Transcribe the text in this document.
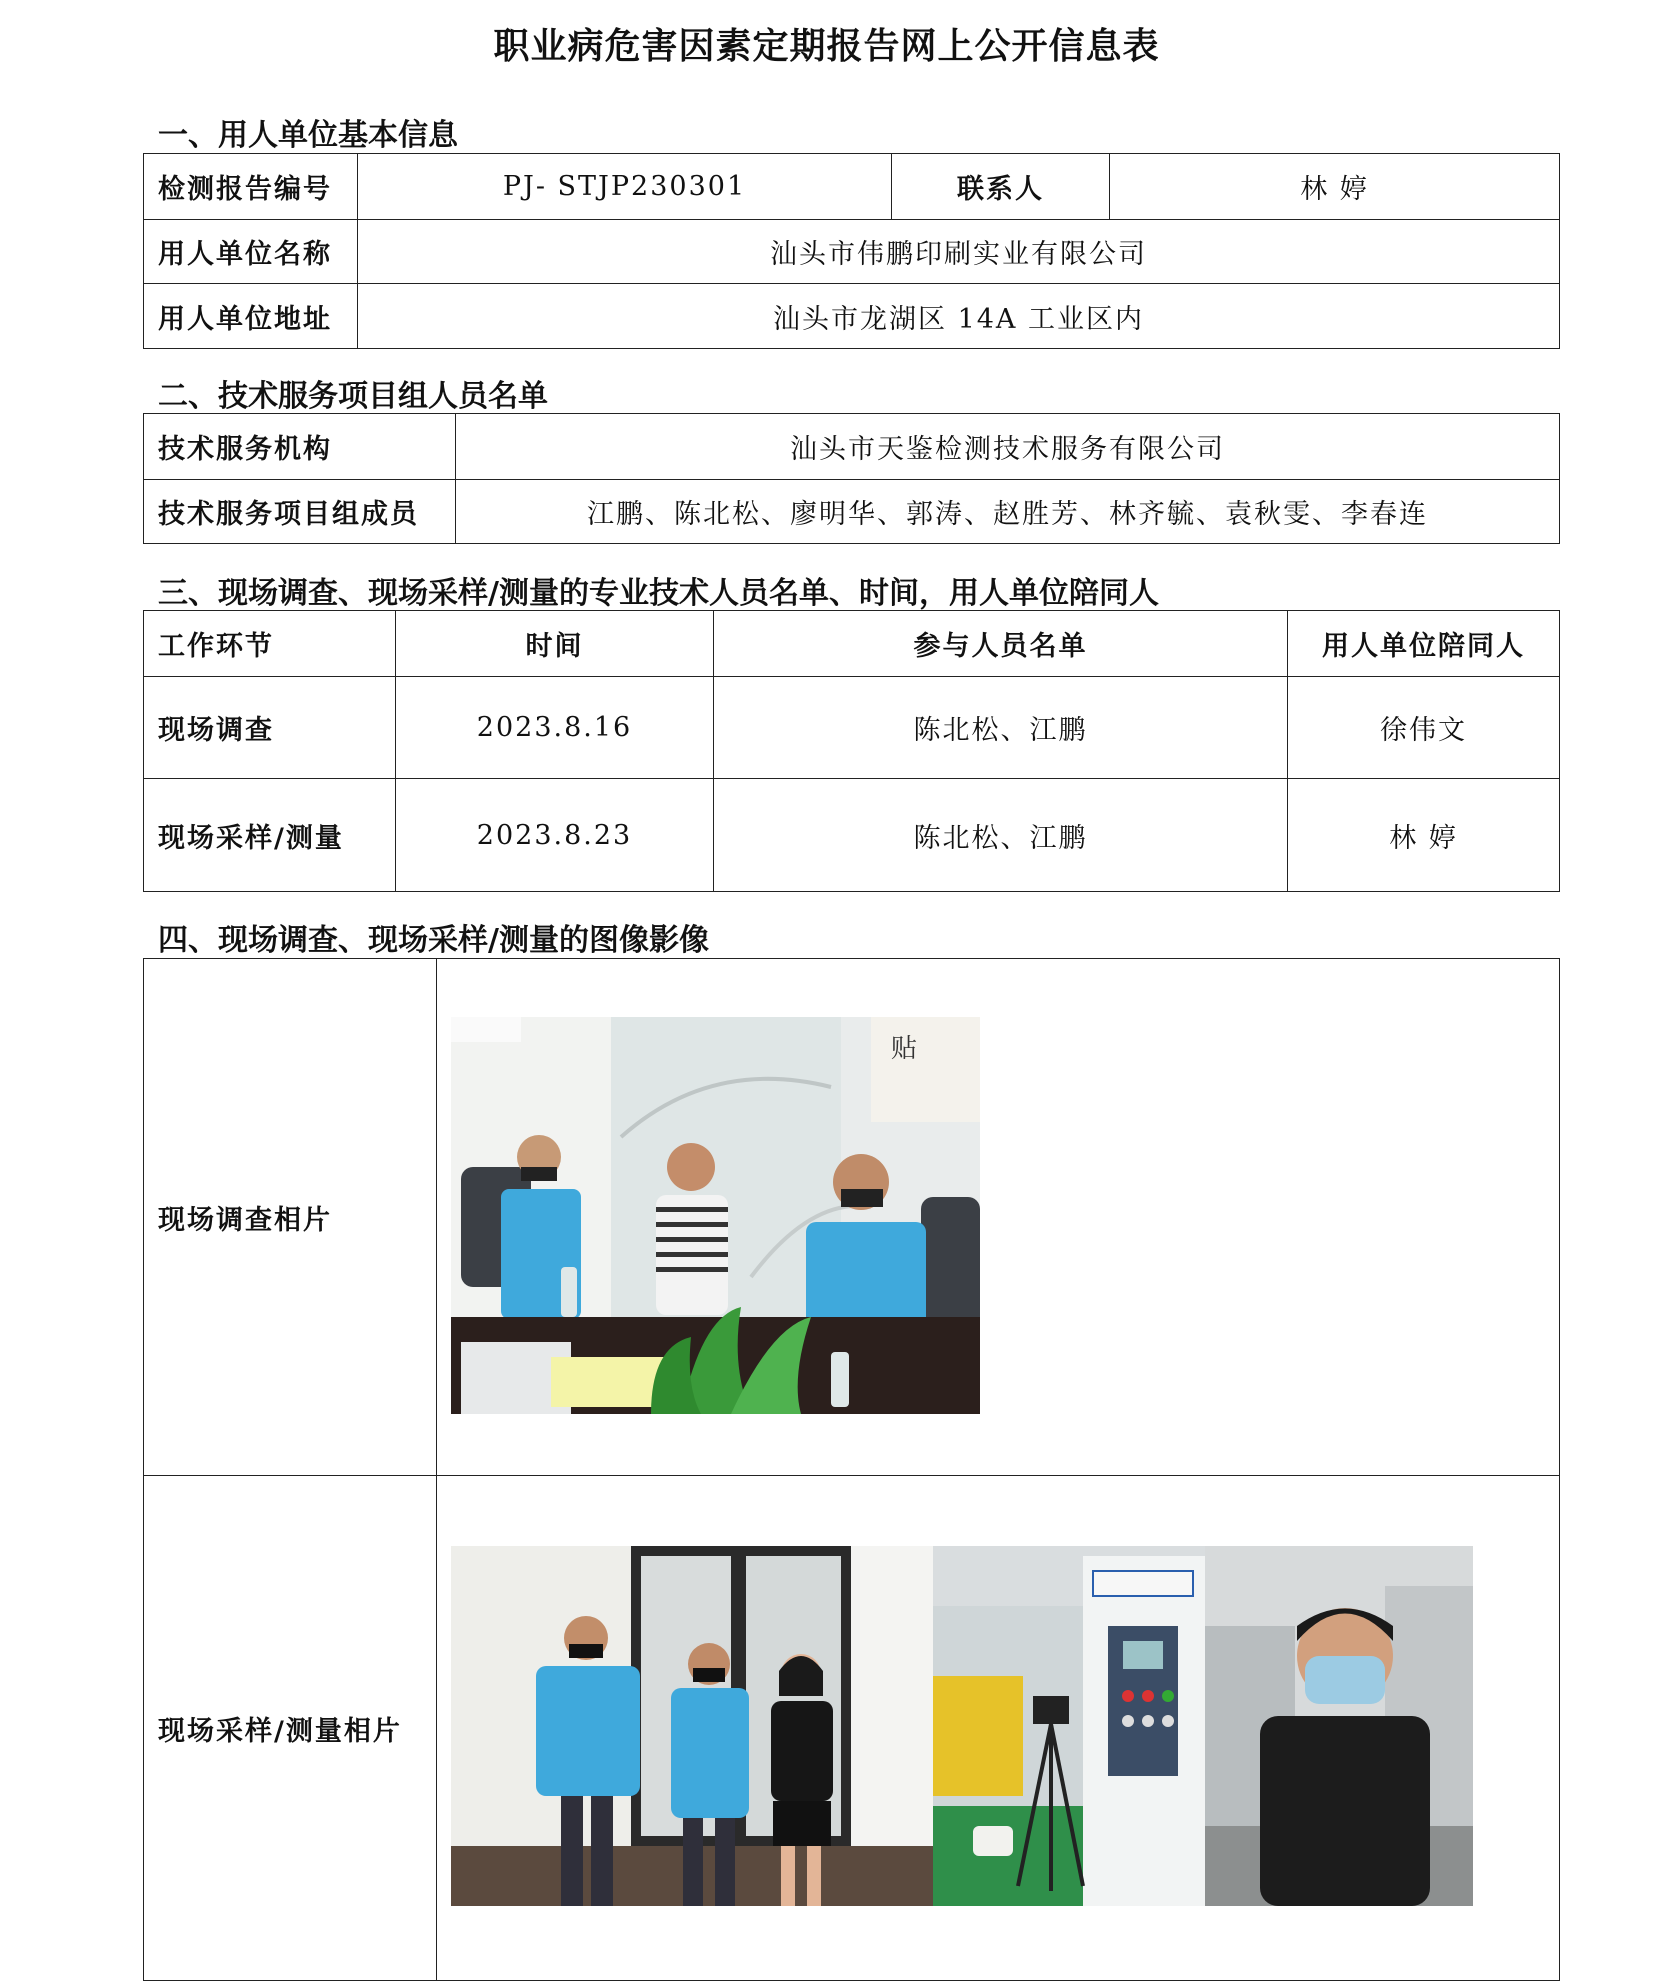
职业病危害因素定期报告网上公开信息表
一、用人单位基本信息
检测报告编号	PJ- STJP230301	联系人	林 婷
用人单位名称	汕头市伟鹏印刷实业有限公司		
用人单位地址	汕头市龙湖区 14A 工业区内		
二、技术服务项目组人员名单
技术服务机构	汕头市天鉴检测技术服务有限公司
技术服务项目组成员	江鹏、陈北松、廖明华、郭涛、赵胜芳、林齐毓、袁秋雯、李春连
三、现场调查、现场采样/测量的专业技术人员名单、时间，用人单位陪同人
工作环节	时间	参与人员名单	用人单位陪同人
现场调查	2023.8.16	陈北松、江鹏	徐伟文
现场采样/测量	2023.8.23	陈北松、江鹏	林 婷
四、现场调查、现场采样/测量的图像影像
现场调查相片	
现场采样/测量相片	
贴
